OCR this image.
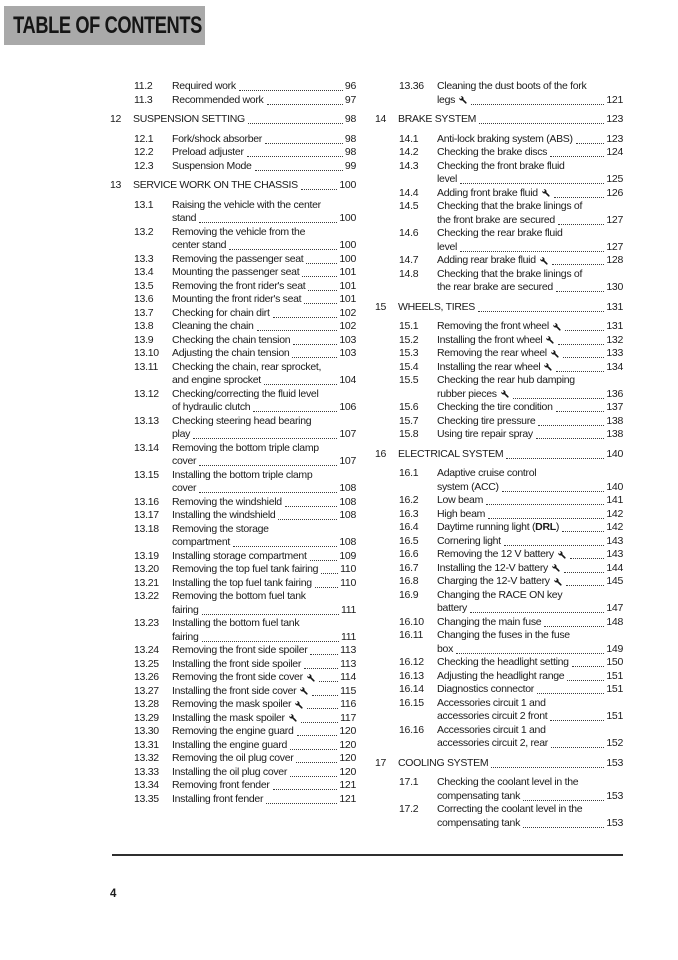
TABLE OF CONTENTS
11.2	Required work	96
11.3	Recommended work	97
12	SUSPENSION SETTING	98
12.1	Fork/shock absorber	98
12.2	Preload adjuster	98
12.3	Suspension Mode	99
13	SERVICE WORK ON THE CHASSIS	100
13.1	Raising the vehicle with the center
stand	100
13.2	Removing the vehicle from the
center stand	100
13.3	Removing the passenger seat	100
13.4	Mounting the passenger seat	101
13.5	Removing the front rider's seat	101
13.6	Mounting the front rider's seat	101
13.7	Checking for chain dirt	102
13.8	Cleaning the chain	102
13.9	Checking the chain tension	103
13.10	Adjusting the chain tension	103
13.11	Checking the chain, rear sprocket,
and engine sprocket	104
13.12	Checking/correcting the fluid level
of hydraulic clutch	106
13.13	Checking steering head bearing
play	107
13.14	Removing the bottom triple clamp
cover	107
13.15	Installing the bottom triple clamp
cover	108
13.16	Removing the windshield	108
13.17	Installing the windshield	108
13.18	Removing the storage
compartment	108
13.19	Installing storage compartment	109
13.20	Removing the top fuel tank fairing 110
13.21	Installing the top fuel tank fairing	110
13.22	Removing the bottom fuel tank
fairing	111
13.23	Installing the bottom fuel tank
fairing	111
13.24	Removing the front side spoiler	113
13.25	Installing the front side spoiler	113
13.26	Removing the front side cover	114
13.27	Installing the front side cover	115
13.28	Removing the mask spoiler	116
13.29	Installing the mask spoiler	117
13.30	Removing the engine guard	120
13.31	Installing the engine guard	120
13.32	Removing the oil plug cover	120
13.33	Installing the oil plug cover	120
13.34	Removing front fender	121
13.35	Installing front fender	121
13.36	Cleaning the dust boots of the fork
legs	121
14	BRAKE SYSTEM	123
14.1	Anti-lock braking system (ABS)	123
14.2	Checking the brake discs	124
14.3	Checking the front brake fluid
level	125
14.4	Adding front brake fluid	126
14.5	Checking that the brake linings of
the front brake are secured	127
14.6	Checking the rear brake fluid
level	127
14.7	Adding rear brake fluid	128
14.8	Checking that the brake linings of
the rear brake are secured	130
15	WHEELS, TIRES	131
15.1	Removing the front wheel	131
15.2	Installing the front wheel	132
15.3	Removing the rear wheel	133
15.4	Installing the rear wheel	134
15.5	Checking the rear hub damping
rubber pieces	136
15.6	Checking the tire condition	137
15.7	Checking tire pressure	138
15.8	Using tire repair spray	138
16	ELECTRICAL SYSTEM	140
16.1	Adaptive cruise control
system (ACC)	140
16.2	Low beam	141
16.3	High beam	142
16.4	Daytime running light (DRL)	142
16.5	Cornering light	143
16.6	Removing the 12 V battery	143
16.7	Installing the 12-V battery	144
16.8	Charging the 12-V battery	145
16.9	Changing the RACE ON key
battery	147
16.10	Changing the main fuse	148
16.11	Changing the fuses in the fuse
box	149
16.12	Checking the headlight setting	150
16.13	Adjusting the headlight range	151
16.14	Diagnostics connector	151
16.15	Accessories circuit 1 and
accessories circuit 2 front	151
16.16	Accessories circuit 1 and
accessories circuit 2, rear	152
17	COOLING SYSTEM	153
17.1	Checking the coolant level in the
compensating tank	153
17.2	Correcting the coolant level in the
compensating tank	153
4
